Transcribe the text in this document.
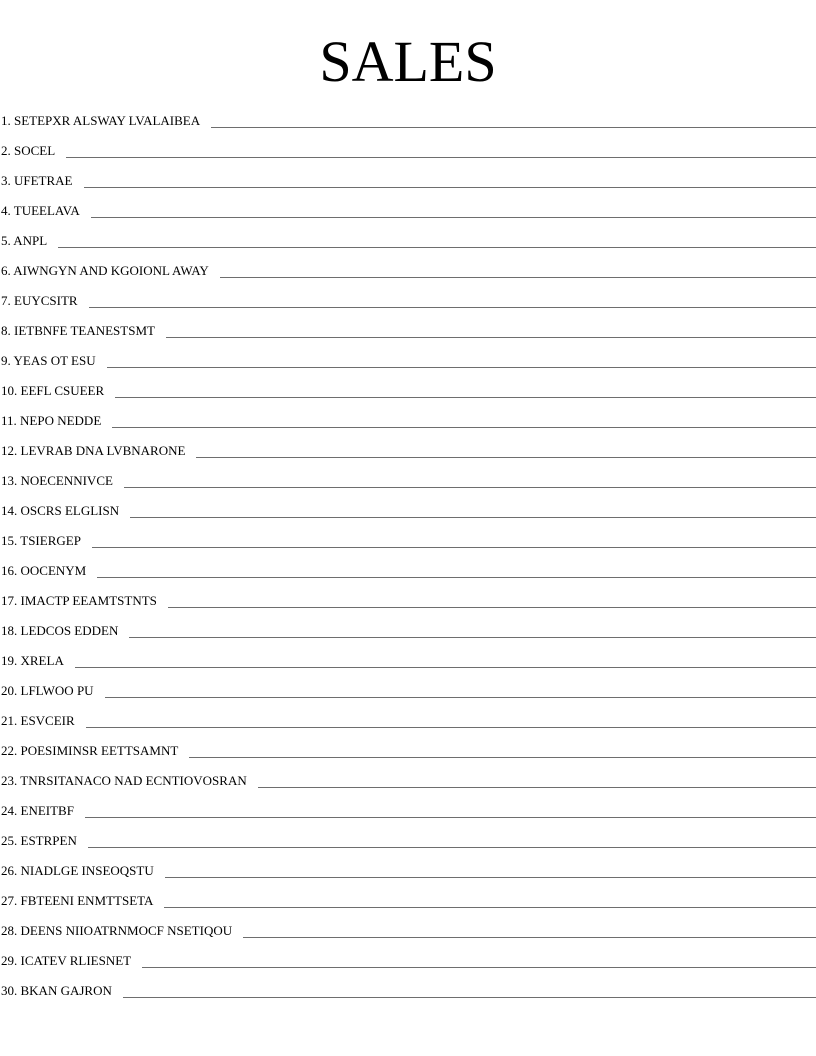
SALES
1. SETEPXR ALSWAY LVALAIBEA
2. SOCEL
3. UFETRAE
4. TUEELAVA
5. ANPL
6. AIWNGYN AND KGOIONL AWAY
7. EUYCSITR
8. IETBNFE TEANESTSMT
9. YEAS OT ESU
10. EEFL CSUEER
11. NEPO NEDDE
12. LEVRAB DNA LVBNARONE
13. NOECENNIVCE
14. OSCRS ELGLISN
15. TSIERGEP
16. OOCENYM
17. IMACTP EEAMTSTNTS
18. LEDCOS EDDEN
19. XRELA
20. LFLWOO PU
21. ESVCEIR
22. POESIMINSR EETTSAMNT
23. TNRSITANACO NAD ECNTIOVOSRAN
24. ENEITBF
25. ESTRPEN
26. NIADLGE INSEOQSTU
27. FBTEENI ENMTTSETA
28. DEENS NIIOATRNMOCF NSETIQOU
29. ICATEV RLIESNET
30. BKAN GAJRON
